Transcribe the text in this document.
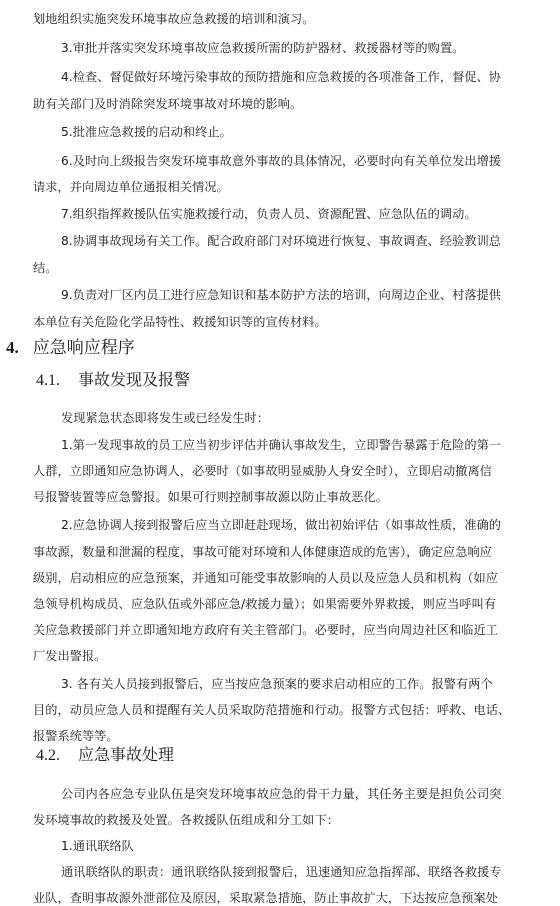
划地组织实施突发环境事故应急救援的培训和演习。
3.审批并落实突发环境事故应急救援所需的防护器材、救援器材等的购置。
4.检查、督促做好环境污染事故的预防措施和应急救援的各项准备工作，督促、协
助有关部门及时消除突发环境事故对环境的影响。
5.批准应急救援的启动和终止。
6.及时向上级报告突发环境事故意外事故的具体情况，必要时向有关单位发出增援
请求，并向周边单位通报相关情况。
7.组织指挥救援队伍实施救援行动，负责人员、资源配置、应急队伍的调动。
8.协调事故现场有关工作。配合政府部门对环境进行恢复、事故调查、经验教训总
结。
9.负责对厂区内员工进行应急知识和基本防护方法的培训，向周边企业、村落提供
本单位有关危险化学品特性、救援知识等的宣传材料。
4. 应急响应程序
4.1. 事故发现及报警
发现紧急状态即将发生或已经发生时：
1.第一发现事故的员工应当初步评估并确认事故发生，立即警告暴露于危险的第一
人群，立即通知应急协调人，必要时（如事故明显威胁人身安全时），立即启动撤离信
号报警装置等应急警报。如果可行则控制事故源以防止事故恶化。
2.应急协调人接到报警后应当立即赶赴现场，做出初始评估（如事故性质，准确的
事故源，数量和泄漏的程度，事故可能对环境和人体健康造成的危害），确定应急响应
级别，启动相应的应急预案，并通知可能受事故影响的人员以及应急人员和机构（如应
急领导机构成员、应急队伍或外部应急/救援力量）；如果需要外界救援，则应当呼叫有
关应急救援部门并立即通知地方政府有关主管部门。必要时，应当向周边社区和临近工
厂发出警报。
3. 各有关人员接到报警后，应当按应急预案的要求启动相应的工作。报警有两个
目的，动员应急人员和提醒有关人员采取防范措施和行动。报警方式包括：呼救、电话、
报警系统等等。
4.2. 应急事故处理
公司内各应急专业队伍是突发环境事故应急的骨干力量，其任务主要是担负公司突
发环境事故的救援及处置。各救援队伍组成和分工如下：
1.通讯联络队
通讯联络队的职责：通讯联络队接到报警后，迅速通知应急指挥部、联络各救援专
业队，查明事故源外泄部位及原因，采取紧急措施，防止事故扩大，下达按应急预案处
